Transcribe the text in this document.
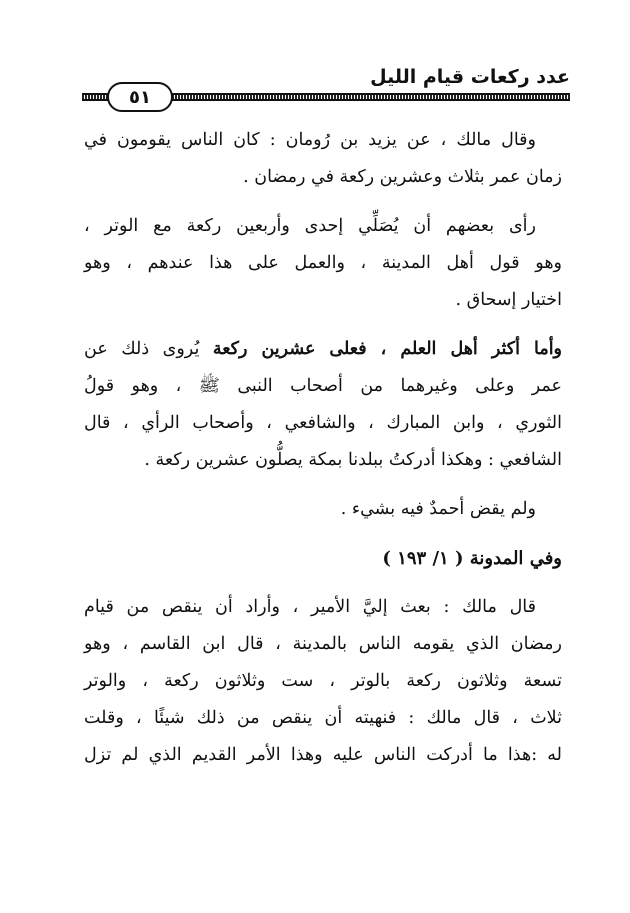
عدد ركعات قيام الليل
٥١

وقال مالك ، عن يزيد بن رُومان : كان الناس يقومون في
زمان عمر بثلاث وعشرين ركعة في رمضان .

رأى بعضهم أن يُصَلِّي إحدى وأربعين ركعة مع الوتر ،
وهو قول أهل المدينة ، والعمل على هذا عندهم ، وهو
اختيار إسحاق .

وأما أكثر أهل العلم ، فعلى عشرين ركعة يُروى ذلك عن
عمر وعلى وغيرهما من أصحاب النبى ﷺ ، وهو قولُ
الثوري ، وابن المبارك ، والشافعي ، وأصحاب الرأي ، قال
الشافعي : وهكذا أدركتُ ببلدنا بمكة يصلُّون عشرين ركعة .

ولم يقض أحمدٌ فيه بشيء .

وفي المدونة ( ١/ ١٩٣ )

قال مالك : بعث إليَّ الأمير ، وأراد أن ينقص من قيام
رمضان الذي يقومه الناس بالمدينة ، قال ابن القاسم ، وهو
تسعة وثلاثون ركعة بالوتر ، ست وثلاثون ركعة ، والوتر
ثلاث ، قال مالك : فنهيته أن ينقص من ذلك شيئًا ، وقلت
له :هذا ما أدركت الناس عليه وهذا الأمر القديم الذي لم تزل
